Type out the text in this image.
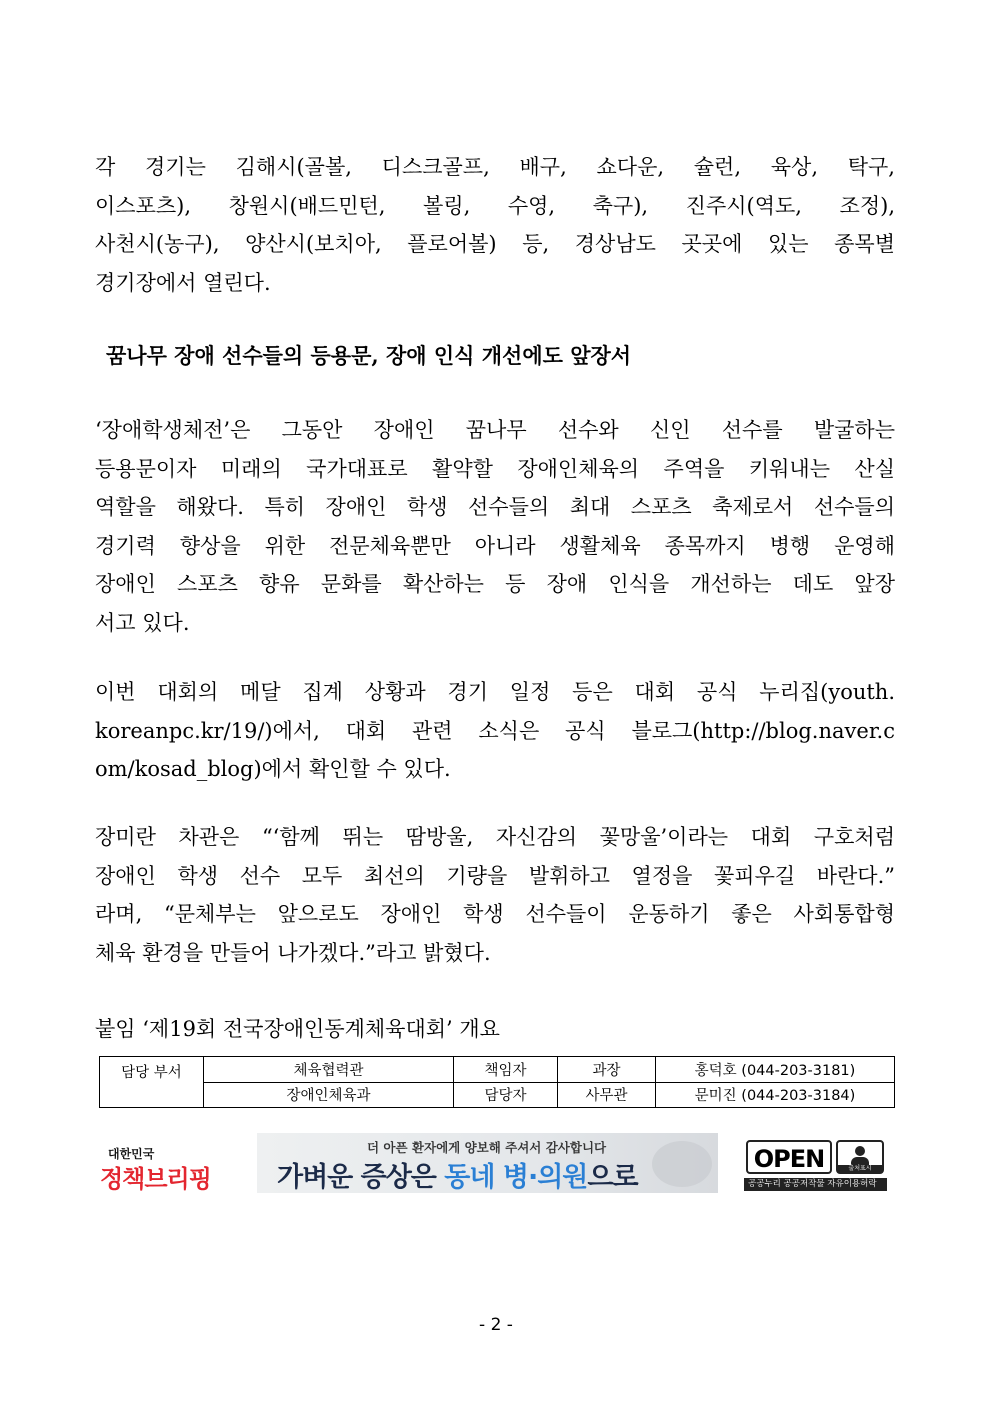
각 경기는 김해시(골볼, 디스크골프, 배구, 쇼다운, 슐런, 육상, 탁구,
이스포츠), 창원시(배드민턴, 볼링, 수영, 축구), 진주시(역도, 조정),
사천시(농구), 양산시(보치아, 플로어볼) 등, 경상남도 곳곳에 있는 종목별
경기장에서 열린다.
꿈나무 장애 선수들의 등용문, 장애 인식 개선에도 앞장서
‘장애학생체전’은 그동안 장애인 꿈나무 선수와 신인 선수를 발굴하는
등용문이자 미래의 국가대표로 활약할 장애인체육의 주역을 키워내는 산실
역할을 해왔다. 특히 장애인 학생 선수들의 최대 스포츠 축제로서 선수들의
경기력 향상을 위한 전문체육뿐만 아니라 생활체육 종목까지 병행 운영해
장애인 스포츠 향유 문화를 확산하는 등 장애 인식을 개선하는 데도 앞장
서고 있다.
이번 대회의 메달 집계 상황과 경기 일정 등은 대회 공식 누리집(youth.
koreanpc.kr/19/)에서, 대회 관련 소식은 공식 블로그(http://blog.naver.c
om/kosad_blog)에서 확인할 수 있다.
장미란 차관은 “‘함께 뛰는 땀방울, 자신감의 꽃망울’이라는 대회 구호처럼
장애인 학생 선수 모두 최선의 기량을 발휘하고 열정을 꽃피우길 바란다.”
라며, “문체부는 앞으로도 장애인 학생 선수들이 운동하기 좋은 사회통합형
체육 환경을 만들어 나가겠다.”라고 밝혔다.
붙임 ‘제19회 전국장애인동계체육대회’ 개요
담당 부서	체육협력관	책임자	과장	홍덕호 (044-203-3181)
	장애인체육과	담당자	사무관	문미진 (044-203-3184)
대한민국
정책브리핑
더 아픈 환자에게 양보해 주셔서 감사합니다
가벼운 증상은 동네 병·의원으로
OPEN	출처표시
공공누리 공공저작물 자유이용허락
- 2 -
